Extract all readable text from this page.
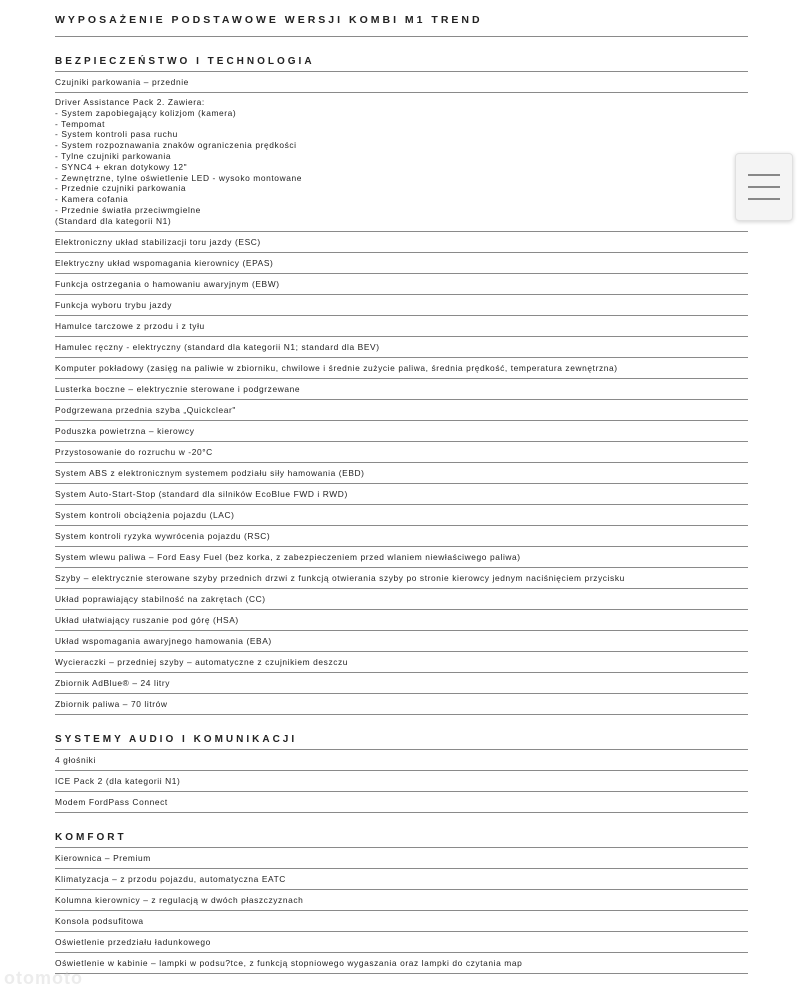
WYPOSAŻENIE PODSTAWOWE WERSJI KOMBI M1 TREND
BEZPIECZEŃSTWO I TECHNOLOGIA
Czujniki parkowania – przednie
Driver Assistance Pack 2. Zawiera:
- System zapobiegający kolizjom (kamera)
- Tempomat
- System kontroli pasa ruchu
- System rozpoznawania znaków ograniczenia prędkości
- Tylne czujniki parkowania
- SYNC4 + ekran dotykowy 12"
- Zewnętrzne, tylne oświetlenie LED - wysoko montowane
- Przednie czujniki parkowania
- Kamera cofania
- Przednie światła przeciwmgielne
(Standard dla kategorii N1)
Elektroniczny układ stabilizacji toru jazdy (ESC)
Elektryczny układ wspomagania kierownicy (EPAS)
Funkcja ostrzegania o hamowaniu awaryjnym (EBW)
Funkcja wyboru trybu jazdy
Hamulce tarczowe z przodu i z tyłu
Hamulec ręczny - elektryczny (standard dla kategorii N1; standard dla BEV)
Komputer pokładowy (zasięg na paliwie w zbiorniku, chwilowe i średnie zużycie paliwa, średnia prędkość, temperatura zewnętrzna)
Lusterka boczne – elektrycznie sterowane i podgrzewane
Podgrzewana przednia szyba „Quickclear"
Poduszka powietrzna – kierowcy
Przystosowanie do rozruchu w -20°C
System ABS z elektronicznym systemem podziału siły hamowania (EBD)
System Auto-Start-Stop (standard dla silników EcoBlue FWD i RWD)
System kontroli obciążenia pojazdu (LAC)
System kontroli ryzyka wywrócenia pojazdu (RSC)
System wlewu paliwa – Ford Easy Fuel (bez korka, z zabezpieczeniem przed wlaniem niewłaściwego paliwa)
Szyby – elektrycznie sterowane szyby przednich drzwi z funkcją otwierania szyby po stronie kierowcy jednym naciśnięciem przycisku
Układ poprawiający stabilność na zakrętach (CC)
Układ ułatwiający ruszanie pod górę (HSA)
Układ wspomagania awaryjnego hamowania (EBA)
Wycieraczki – przedniej szyby – automatyczne z czujnikiem deszczu
Zbiornik AdBlue® – 24 litry
Zbiornik paliwa – 70 litrów
SYSTEMY AUDIO I KOMUNIKACJI
4 głośniki
ICE Pack 2 (dla kategorii N1)
Modem FordPass Connect
KOMFORT
Kierownica – Premium
Klimatyzacja – z przodu pojazdu, automatyczna EATC
Kolumna kierownicy – z regulacją w dwóch płaszczyznach
Konsola podsufitowa
Oświetlenie przedziału ładunkowego
Oświetlenie w kabinie – lampki w podsu?tce, z funkcją stopniowego wygaszania oraz lampki do czytania map
otomoto
